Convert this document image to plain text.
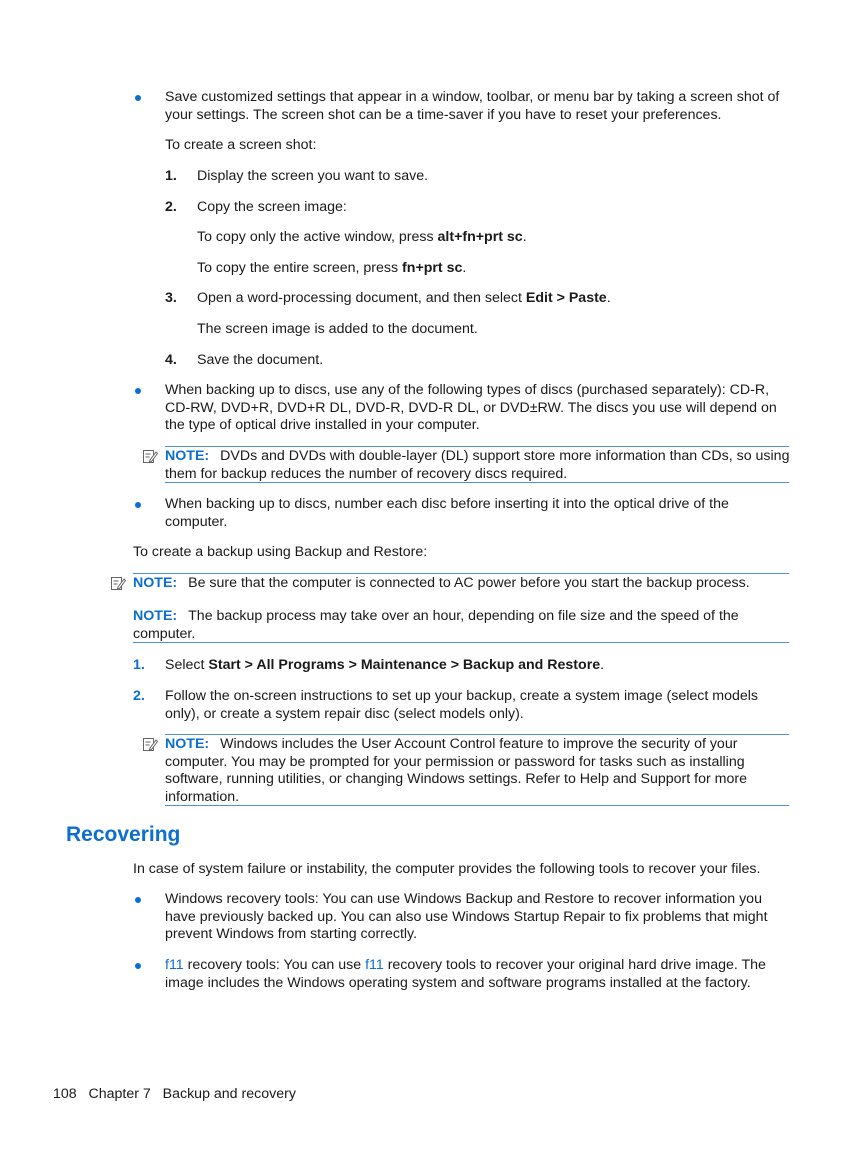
Save customized settings that appear in a window, toolbar, or menu bar by taking a screen shot of your settings. The screen shot can be a time-saver if you have to reset your preferences.
To create a screen shot:
1. Display the screen you want to save.
2. Copy the screen image:
To copy only the active window, press alt+fn+prt sc.
To copy the entire screen, press fn+prt sc.
3. Open a word-processing document, and then select Edit > Paste.
The screen image is added to the document.
4. Save the document.
When backing up to discs, use any of the following types of discs (purchased separately): CD-R, CD-RW, DVD+R, DVD+R DL, DVD-R, DVD-R DL, or DVD±RW. The discs you use will depend on the type of optical drive installed in your computer.
NOTE: DVDs and DVDs with double-layer (DL) support store more information than CDs, so using them for backup reduces the number of recovery discs required.
When backing up to discs, number each disc before inserting it into the optical drive of the computer.
To create a backup using Backup and Restore:
NOTE: Be sure that the computer is connected to AC power before you start the backup process.
NOTE: The backup process may take over an hour, depending on file size and the speed of the computer.
1. Select Start > All Programs > Maintenance > Backup and Restore.
2. Follow the on-screen instructions to set up your backup, create a system image (select models only), or create a system repair disc (select models only).
NOTE: Windows includes the User Account Control feature to improve the security of your computer. You may be prompted for your permission or password for tasks such as installing software, running utilities, or changing Windows settings. Refer to Help and Support for more information.
Recovering
In case of system failure or instability, the computer provides the following tools to recover your files.
Windows recovery tools: You can use Windows Backup and Restore to recover information you have previously backed up. You can also use Windows Startup Repair to fix problems that might prevent Windows from starting correctly.
f11 recovery tools: You can use f11 recovery tools to recover your original hard drive image. The image includes the Windows operating system and software programs installed at the factory.
108 Chapter 7 Backup and recovery
